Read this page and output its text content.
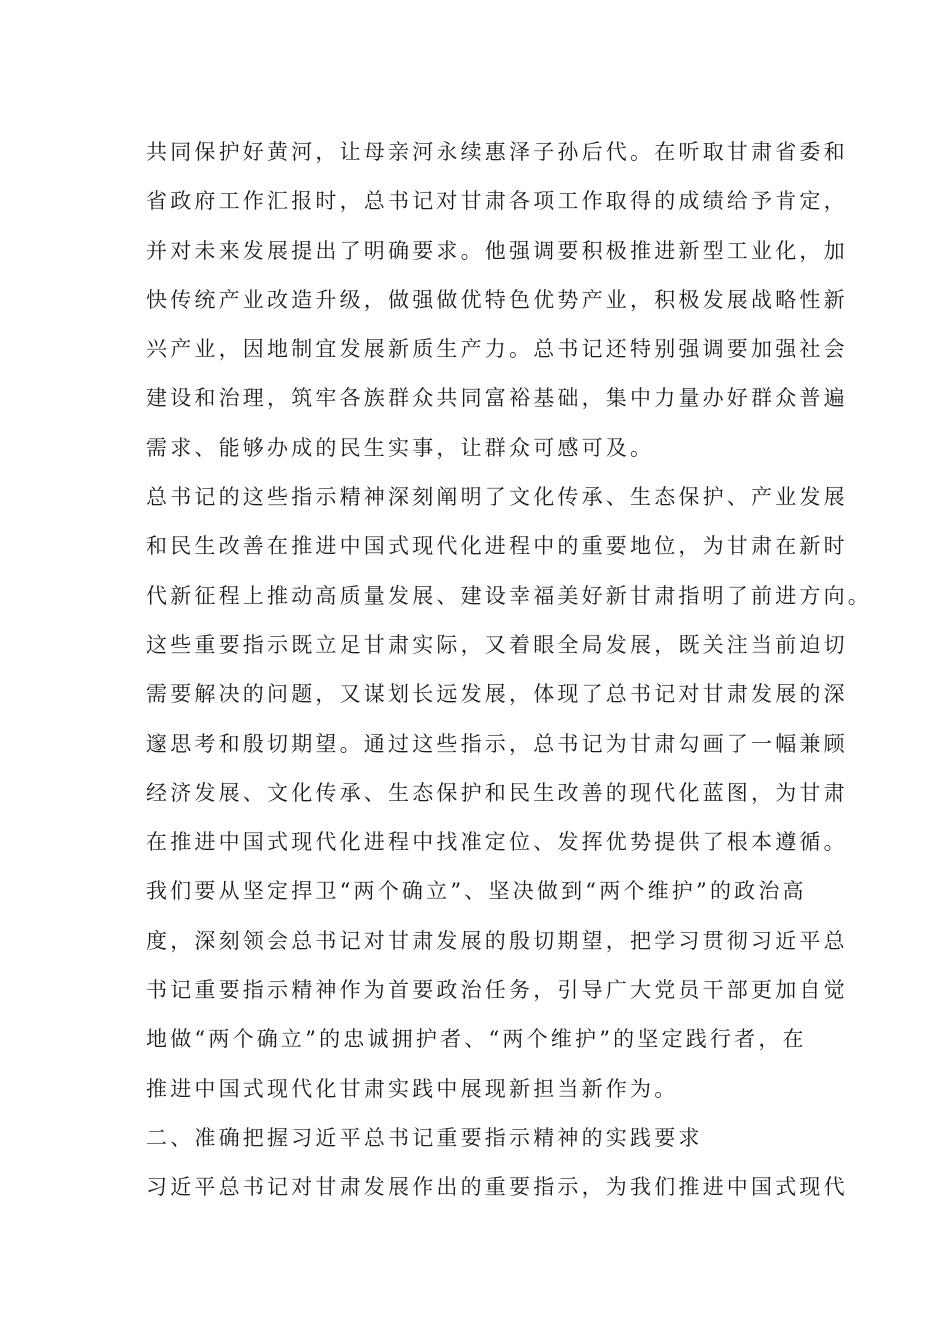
共同保护好黄河，让母亲河永续惠泽子孙后代。在听取甘肃省委和
省政府工作汇报时，总书记对甘肃各项工作取得的成绩给予肯定，
并对未来发展提出了明确要求。他强调要积极推进新型工业化，加
快传统产业改造升级，做强做优特色优势产业，积极发展战略性新
兴产业，因地制宜发展新质生产力。总书记还特别强调要加强社会
建设和治理，筑牢各族群众共同富裕基础，集中力量办好群众普遍
需求、能够办成的民生实事，让群众可感可及。
总书记的这些指示精神深刻阐明了文化传承、生态保护、产业发展
和民生改善在推进中国式现代化进程中的重要地位，为甘肃在新时
代新征程上推动高质量发展、建设幸福美好新甘肃指明了前进方向。
这些重要指示既立足甘肃实际，又着眼全局发展，既关注当前迫切
需要解决的问题，又谋划长远发展，体现了总书记对甘肃发展的深
邃思考和殷切期望。通过这些指示，总书记为甘肃勾画了一幅兼顾
经济发展、文化传承、生态保护和民生改善的现代化蓝图，为甘肃
在推进中国式现代化进程中找准定位、发挥优势提供了根本遵循。
我们要从坚定捍卫“两个确立”、坚决做到“两个维护”的政治高
度，深刻领会总书记对甘肃发展的殷切期望，把学习贯彻习近平总
书记重要指示精神作为首要政治任务，引导广大党员干部更加自觉
地做“两个确立”的忠诚拥护者、“两个维护”的坚定践行者，在
推进中国式现代化甘肃实践中展现新担当新作为。
二、准确把握习近平总书记重要指示精神的实践要求
习近平总书记对甘肃发展作出的重要指示，为我们推进中国式现代
